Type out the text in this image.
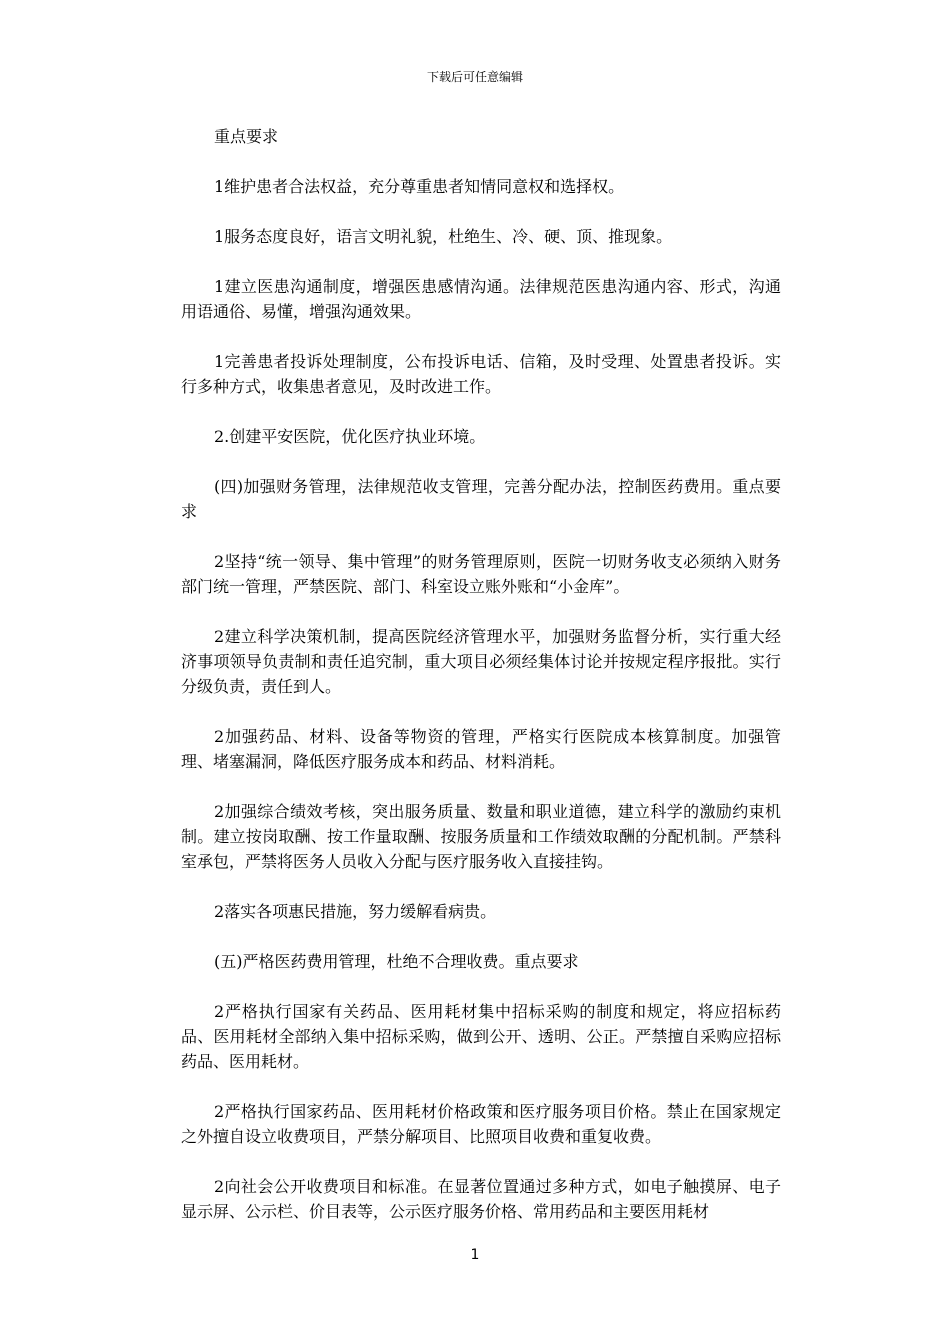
下载后可任意编辑

重点要求

1维护患者合法权益，充分尊重患者知情同意权和选择权。

1服务态度良好，语言文明礼貌，杜绝生、冷、硬、顶、推现象。

1建立医患沟通制度，增强医患感情沟通。法律规范医患沟通内容、形式，沟通用语通俗、易懂，增强沟通效果。

1完善患者投诉处理制度，公布投诉电话、信箱，及时受理、处置患者投诉。实行多种方式，收集患者意见，及时改进工作。

2.创建平安医院，优化医疗执业环境。

(四)加强财务管理，法律规范收支管理，完善分配办法，控制医药费用。重点要求

2坚持“统一领导、集中管理”的财务管理原则，医院一切财务收支必须纳入财务部门统一管理，严禁医院、部门、科室设立账外账和“小金库”。

2建立科学决策机制，提高医院经济管理水平，加强财务监督分析，实行重大经济事项领导负责制和责任追究制，重大项目必须经集体讨论并按规定程序报批。实行分级负责，责任到人。

2加强药品、材料、设备等物资的管理，严格实行医院成本核算制度。加强管理、堵塞漏洞，降低医疗服务成本和药品、材料消耗。

2加强综合绩效考核，突出服务质量、数量和职业道德，建立科学的激励约束机制。建立按岗取酬、按工作量取酬、按服务质量和工作绩效取酬的分配机制。严禁科室承包，严禁将医务人员收入分配与医疗服务收入直接挂钩。

2落实各项惠民措施，努力缓解看病贵。

(五)严格医药费用管理，杜绝不合理收费。重点要求

2严格执行国家有关药品、医用耗材集中招标采购的制度和规定，将应招标药品、医用耗材全部纳入集中招标采购，做到公开、透明、公正。严禁擅自采购应招标药品、医用耗材。

2严格执行国家药品、医用耗材价格政策和医疗服务项目价格。禁止在国家规定之外擅自设立收费项目，严禁分解项目、比照项目收费和重复收费。

2向社会公开收费项目和标准。在显著位置通过多种方式，如电子触摸屏、电子显示屏、公示栏、价目表等，公示医疗服务价格、常用药品和主要医用耗材

1
